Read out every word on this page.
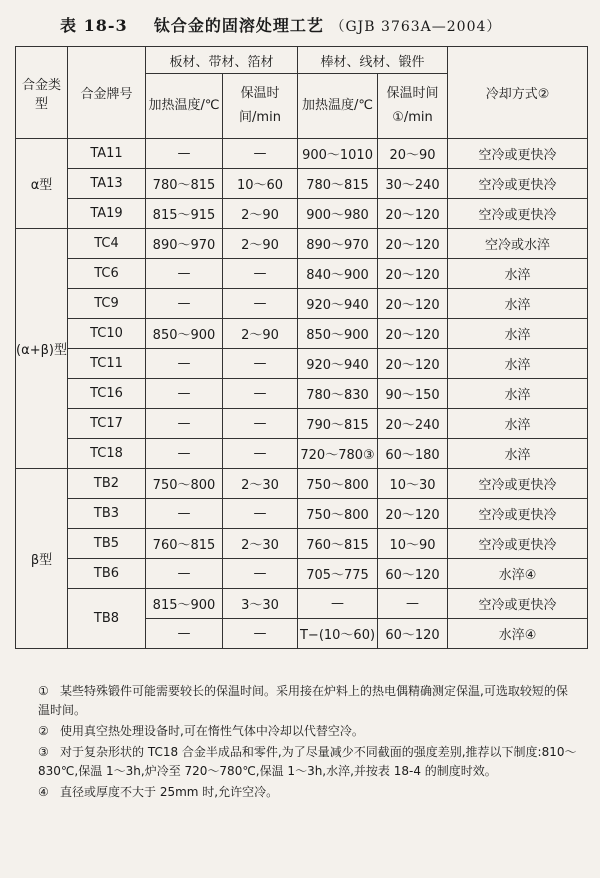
表 18-3 钛合金的固溶处理工艺 （GJB 3763A—2004）
合金类型	合金牌号	板材、带材、箔材		棒材、线材、锻件		冷却方式②
		加热温度/℃	保温时间/min	加热温度/℃	保温时间①/min	
α型	TA11	—	—	900～1010	20～90	空冷或更快冷
	TA13	780～815	10～60	780～815	30～240	空冷或更快冷
	TA19	815～915	2～90	900～980	20～120	空冷或更快冷
(α+β)型	TC4	890～970	2～90	890～970	20～120	空冷或水淬
	TC6	—	—	840～900	20～120	水淬
	TC9	—	—	920～940	20～120	水淬
	TC10	850～900	2～90	850～900	20～120	水淬
	TC11	—	—	920～940	20～120	水淬
	TC16	—	—	780～830	90～150	水淬
	TC17	—	—	790～815	20～240	水淬
	TC18	—	—	720～780③	60～180	水淬
β型	TB2	750～800	2～30	750～800	10～30	空冷或更快冷
	TB3	—	—	750～800	20～120	空冷或更快冷
	TB5	760～815	2～30	760～815	10～90	空冷或更快冷
	TB6	—	—	705～775	60～120	水淬④
	TB8	815～900	3～30	—	—	空冷或更快冷
		—	—	T−(10～60)	60～120	水淬④

① 某些特殊锻件可能需要较长的保温时间。采用接在炉料上的热电偶精确测定保温,可选取较短的保温时间。

② 使用真空热处理设备时,可在惰性气体中冷却以代替空冷。

③ 对于复杂形状的 TC18 合金半成品和零件,为了尽量减少不同截面的强度差别,推荐以下制度:810～830℃,保温 1～3h,炉冷至 720～780℃,保温 1～3h,水淬,并按表 18-4 的制度时效。

④ 直径或厚度不大于 25mm 时,允许空冷。
